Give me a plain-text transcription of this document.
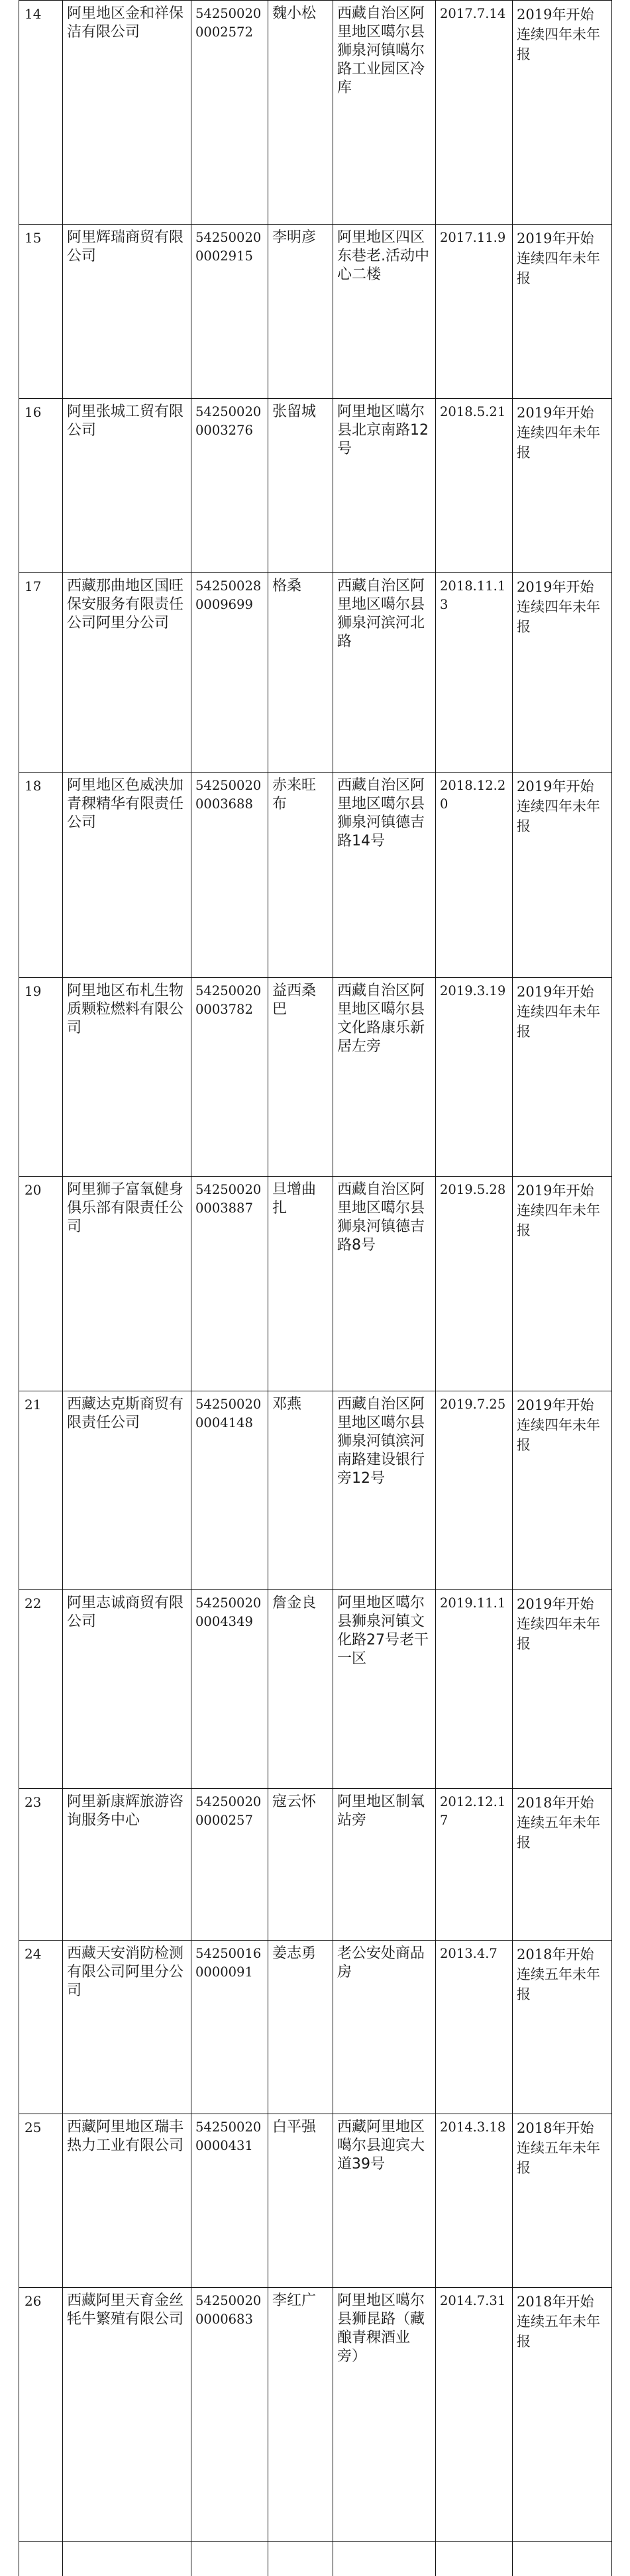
14	阿里地区金和祥保洁有限公司	542500200002572	魏小松	西藏自治区阿里地区噶尔县狮泉河镇噶尔路工业园区冷库	2017.7.14	2019年开始连续四年未年报
15	阿里辉瑞商贸有限公司	542500200002915	李明彦	阿里地区四区东巷老.活动中心二楼	2017.11.9	2019年开始连续四年未年报
16	阿里张城工贸有限公司	542500200003276	张留城	阿里地区噶尔县北京南路12号	2018.5.21	2019年开始连续四年未年报
17	西藏那曲地区国旺保安服务有限责任公司阿里分公司	542500280009699	格桑	西藏自治区阿里地区噶尔县狮泉河滨河北路	2018.11.13	2019年开始连续四年未年报
18	阿里地区色威泱加青稞精华有限责任公司	542500200003688	赤来旺布	西藏自治区阿里地区噶尔县狮泉河镇德吉路14号	2018.12.20	2019年开始连续四年未年报
19	阿里地区布札生物质颗粒燃料有限公司	542500200003782	益西桑巴	西藏自治区阿里地区噶尔县文化路康乐新居左旁	2019.3.19	2019年开始连续四年未年报
20	阿里狮子富氧健身俱乐部有限责任公司	542500200003887	旦增曲扎	西藏自治区阿里地区噶尔县狮泉河镇德吉路8号	2019.5.28	2019年开始连续四年未年报
21	西藏达克斯商贸有限责任公司	542500200004148	邓燕	西藏自治区阿里地区噶尔县狮泉河镇滨河南路建设银行旁12号	2019.7.25	2019年开始连续四年未年报
22	阿里志诚商贸有限公司	542500200004349	詹金良	阿里地区噶尔县狮泉河镇文化路27号老干一区	2019.11.1	2019年开始连续四年未年报
23	阿里新康辉旅游咨询服务中心	542500200000257	寇云怀	阿里地区制氧站旁	2012.12.17	2018年开始连续五年未年报
24	西藏天安消防检测有限公司阿里分公司	542500160000091	姜志勇	老公安处商品房	2013.4.7	2018年开始连续五年未年报
25	西藏阿里地区瑞丰热力工业有限公司	542500200000431	白平强	西藏阿里地区噶尔县迎宾大道39号	2014.3.18	2018年开始连续五年未年报
26	西藏阿里天育金丝牦牛繁殖有限公司	542500200000683	李红广	阿里地区噶尔县狮昆路（藏酿青稞酒业旁）	2014.7.31	2018年开始连续五年未年报
